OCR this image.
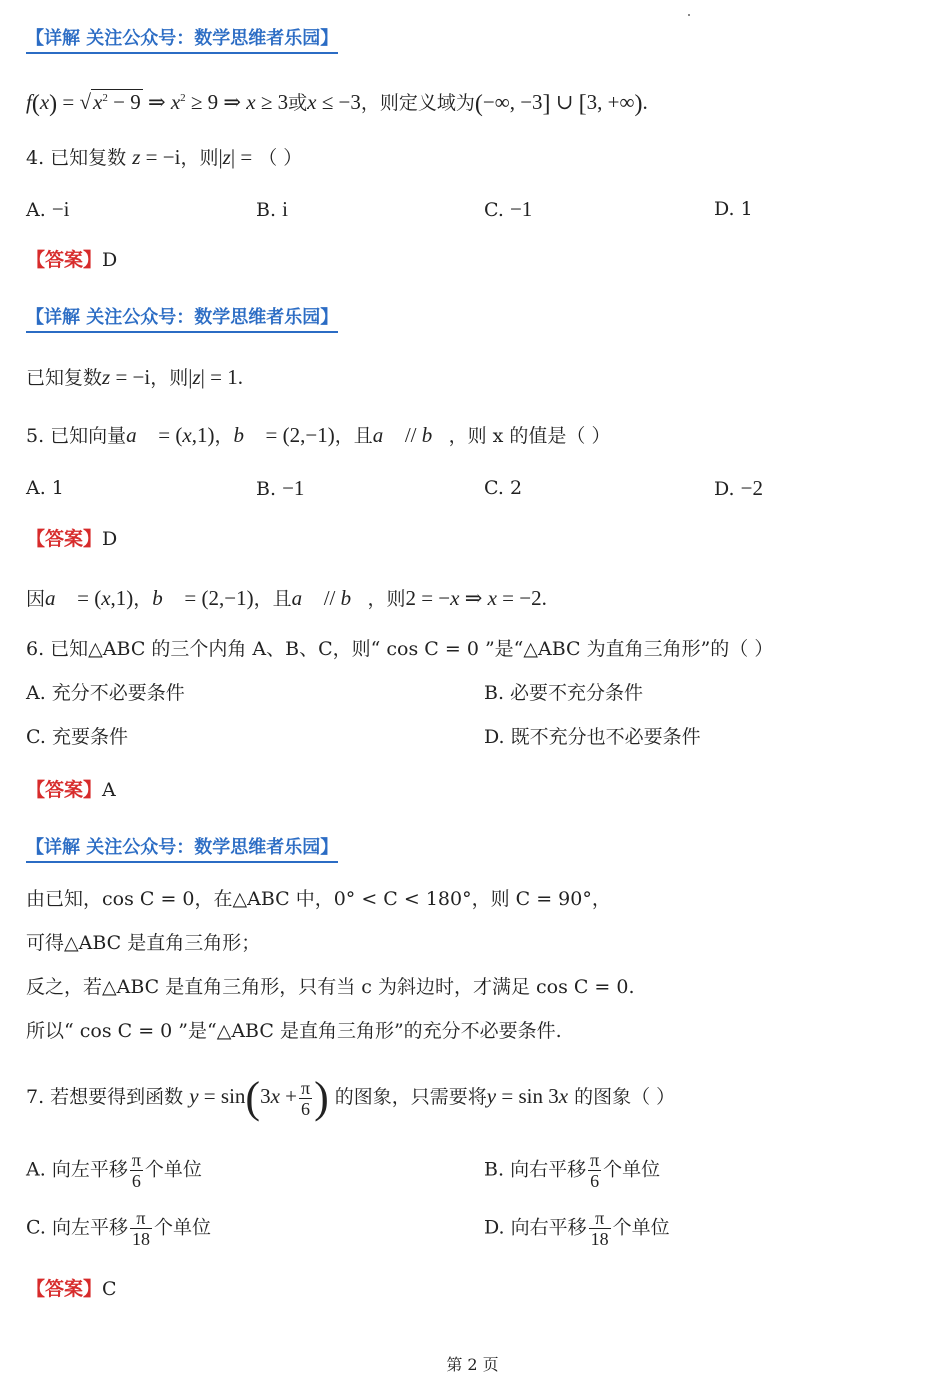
【详解 关注公众号：数学思维者乐园】
$f(x) = √x^2 - 9$ ⇒ $x^2 \ge 9$ ⇒ x ≥ 3或x ≤ −3，则定义域为(−∞, −3] ∪ [3, +∞).
4. 已知复数 z = −i，则|z| = （ ）
A. −i	B. i	C. −1	D. 1
【答案】D
【详解 关注公众号：数学思维者乐园】
已知复数z = −i，则|z| = 1.
5. 已知向量a⃗ = (x,1)，b⃗ = (2,−1)，且a⃗ // b⃗，则 x 的值是（ ）
A. 1	B. −1	C. 2	D. −2
【答案】D
因a⃗ = (x,1)，b⃗ = (2,−1)，且a⃗ // b⃗，则2 = −x ⇒ x = −2.
6. 已知△ABC 的三个内角 A、B、C，则“ cos C = 0 ”是“△ABC 为直角三角形”的（ ）
A. 充分不必要条件	B. 必要不充分条件
C. 充要条件	D. 既不充分也不必要条件
【答案】A
【详解 关注公众号：数学思维者乐园】
由已知，cos C = 0，在△ABC 中，0° < C < 180°，则 C = 90°，
可得△ABC 是直角三角形；
反之，若△ABC 是直角三角形，只有当 c 为斜边时，才满足 cos C = 0.
所以“ cos C = 0 ”是“△ABC 是直角三角形”的充分不必要条件.
7. 若想要得到函数 $y = \sin(3x + \frac{\pi}{6}$ ) 的图象，只需要将y = sin 3x 的图象（ ）
A. 向左平移 $\frac{\pi}{6}$ 个单位	B. 向右平移 $\frac{\pi}{6}$ 个单位
C. 向左平移 $\frac{\pi}{18}$ 个单位	D. 向右平移 $\frac{\pi}{18}$ 个单位
【答案】C
第 2 页
